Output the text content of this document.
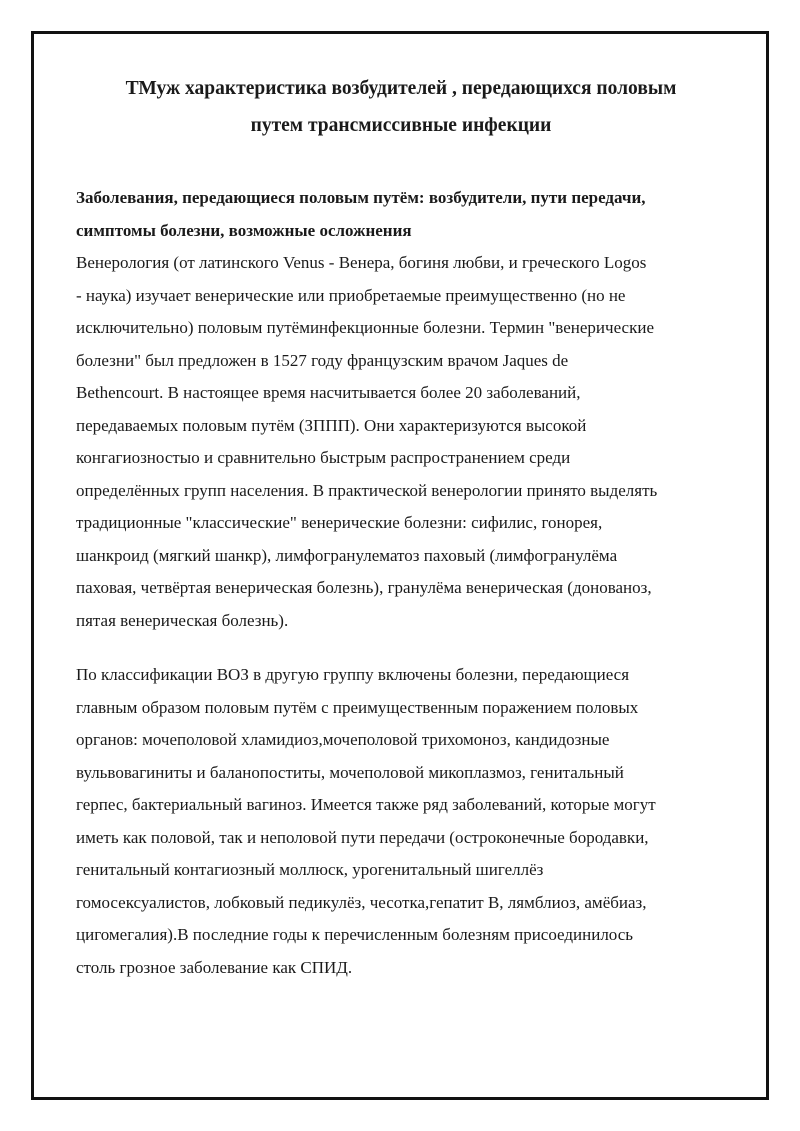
ТМуж характеристика возбудителей , передающихся половым
путем трансмиссивные инфекции
Заболевания, передающиеся половым путём: возбудители, пути передачи,
симптомы болезни, возможные осложнения

Венерология (от латинского Venus - Венера, богиня любви, и греческого Logos
- наука) изучает венерические или приобретаемые преимущественно (но не
исключительно) половым путёминфекционные болезни. Термин "венерические
болезни" был предложен в 1527 году французским врачом Jaques de
Bethencourt. В настоящее время насчитывается более 20 заболеваний,
передаваемых половым путём (ЗППП). Они характеризуются высокой
конгагиозностыо и сравнительно быстрым распространением среди
определённых групп населения. В практической венерологии принято выделять
традиционные "классические" венерические болезни: сифилис, гонорея,
шанкроид (мягкий шанкр), лимфогранулематоз паховый (лимфогранулёма
паховая, четвёртая венерическая болезнь), гранулёма венерическая (донованоз,
пятая венерическая болезнь).

По классификации ВОЗ в другую группу включены болезни, передающиеся
главным образом половым путём с преимущественным поражением половых
органов: мочеполовой хламидиоз,мочеполовой трихомоноз, кандидозные
вульвовагиниты и баланопоститы, мочеполовой микоплазмоз, генитальный
герпес, бактериальный вагиноз. Имеется также ряд заболеваний, которые могут
иметь как половой, так и неполовой пути передачи (остроконечные бородавки,
генитальный контагиозный моллюск, урогенитальный шигеллёз
гомосексуалистов, лобковый педикулёз, чесотка,гепатит В, лямблиоз, амёбиаз,
цигомегалия).В последние годы к перечисленным болезням присоединилось
столь грозное заболевание как СПИД.
